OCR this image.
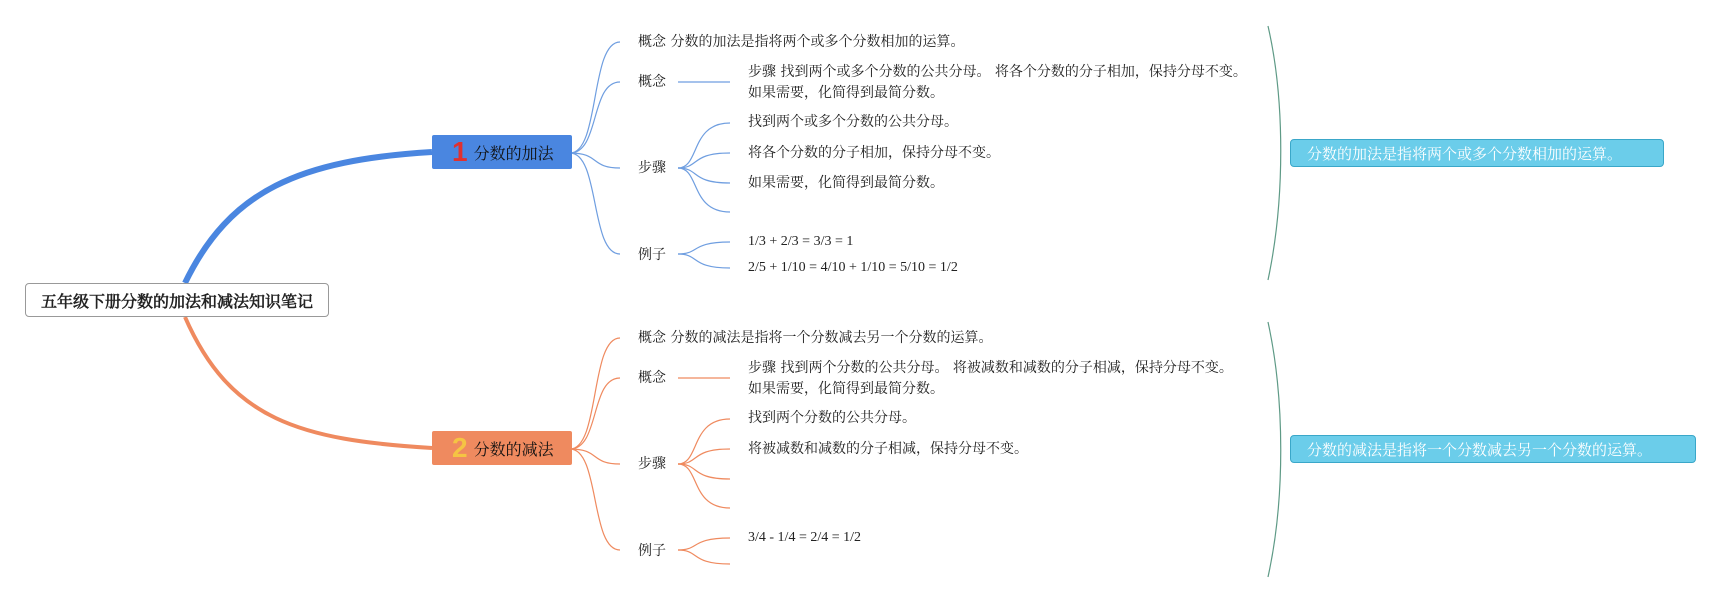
五年级下册分数的加法和减法知识笔记
1 分数的加法
概念 分数的加法是指将两个或多个分数相加的运算。
概念
步骤 找到两个或多个分数的公共分母。 将各个分数的分子相加，保持分母不变。
如果需要，化简得到最简分数。
步骤
找到两个或多个分数的公共分母。
将各个分数的分子相加，保持分母不变。
如果需要，化简得到最简分数。
例子
1/3 + 2/3 = 3/3 = 1
2/5 + 1/10 = 4/10 + 1/10 = 5/10 = 1/2
分数的加法是指将两个或多个分数相加的运算。
2 分数的减法
概念 分数的减法是指将一个分数减去另一个分数的运算。
概念
步骤 找到两个分数的公共分母。 将被减数和减数的分子相减，保持分母不变。
如果需要，化简得到最简分数。
步骤
找到两个分数的公共分母。
将被减数和减数的分子相减，保持分母不变。
例子
3/4 - 1/4 = 2/4 = 1/2
分数的减法是指将一个分数减去另一个分数的运算。
